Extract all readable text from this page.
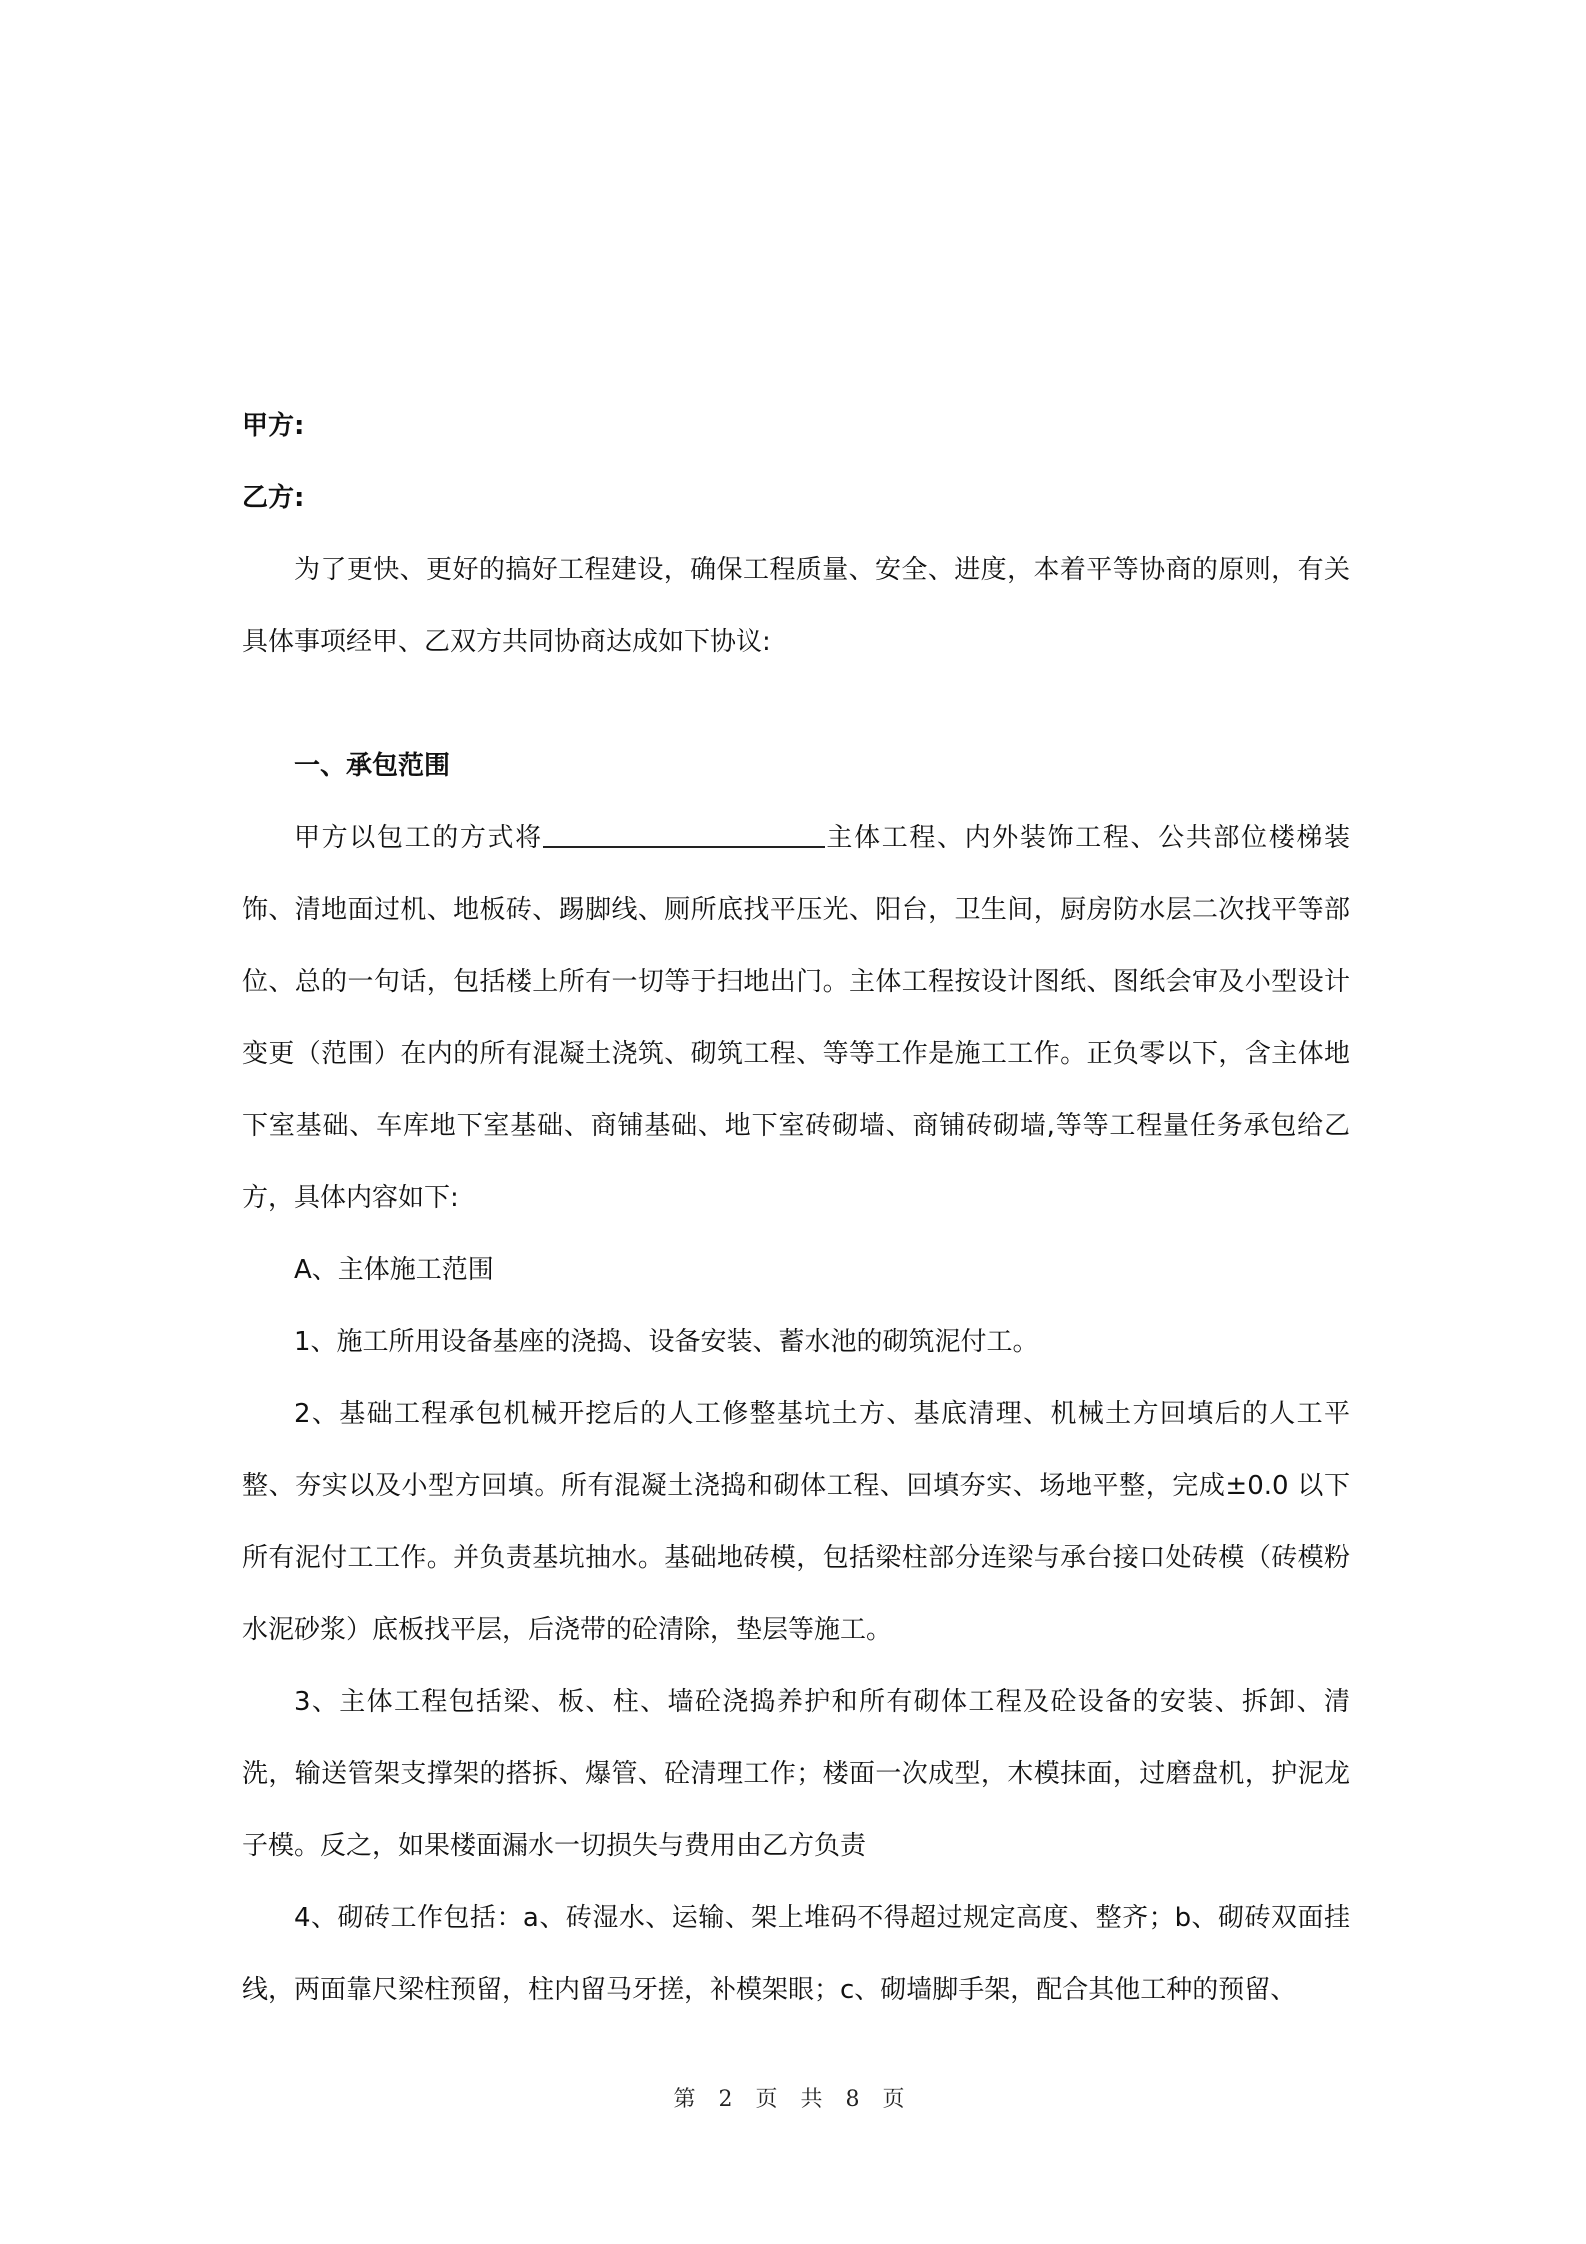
甲方:

乙方:

为了更快、更好的搞好工程建设，确保工程质量、安全、进度，本着平等协商的原则，有关具体事项经甲、乙双方共同协商达成如下协议:

一、承包范围

甲方以包工的方式将	主体工程、内外装饰工程、公共部位楼梯装饰、清地面过机、地板砖、踢脚线、厕所底找平压光、阳台，卫生间，厨房防水层二次找平等部位、总的一句话，包括楼上所有一切等于扫地出门。主体工程按设计图纸、图纸会审及小型设计变更（范围）在内的所有混凝土浇筑、砌筑工程、等等工作是施工工作。正负零以下，含主体地下室基础、车库地下室基础、商铺基础、地下室砖砌墙、商铺砖砌墙,等等工程量任务承包给乙方，具体内容如下:

A、主体施工范围

1、施工所用设备基座的浇捣、设备安装、蓄水池的砌筑泥付工。

2、基础工程承包机械开挖后的人工修整基坑土方、基底清理、机械土方回填后的人工平整、夯实以及小型方回填。所有混凝土浇捣和砌体工程、回填夯实、场地平整，完成±0.0 以下所有泥付工工作。并负责基坑抽水。基础地砖模，包括梁柱部分连梁与承台接口处砖模（砖模粉水泥砂浆）底板找平层，后浇带的砼清除，垫层等施工。

3、主体工程包括梁、板、柱、墙砼浇捣养护和所有砌体工程及砼设备的安装、拆卸、清洗，输送管架支撑架的搭拆、爆管、砼清理工作；楼面一次成型，木模抹面，过磨盘机，护泥龙子模。反之，如果楼面漏水一切损失与费用由乙方负责

4、砌砖工作包括：a、砖湿水、运输、架上堆码不得超过规定高度、整齐；b、砌砖双面挂线，两面靠尺梁柱预留，柱内留马牙搓，补模架眼；c、砌墙脚手架，配合其他工种的预留、

第 2 页 共 8 页
